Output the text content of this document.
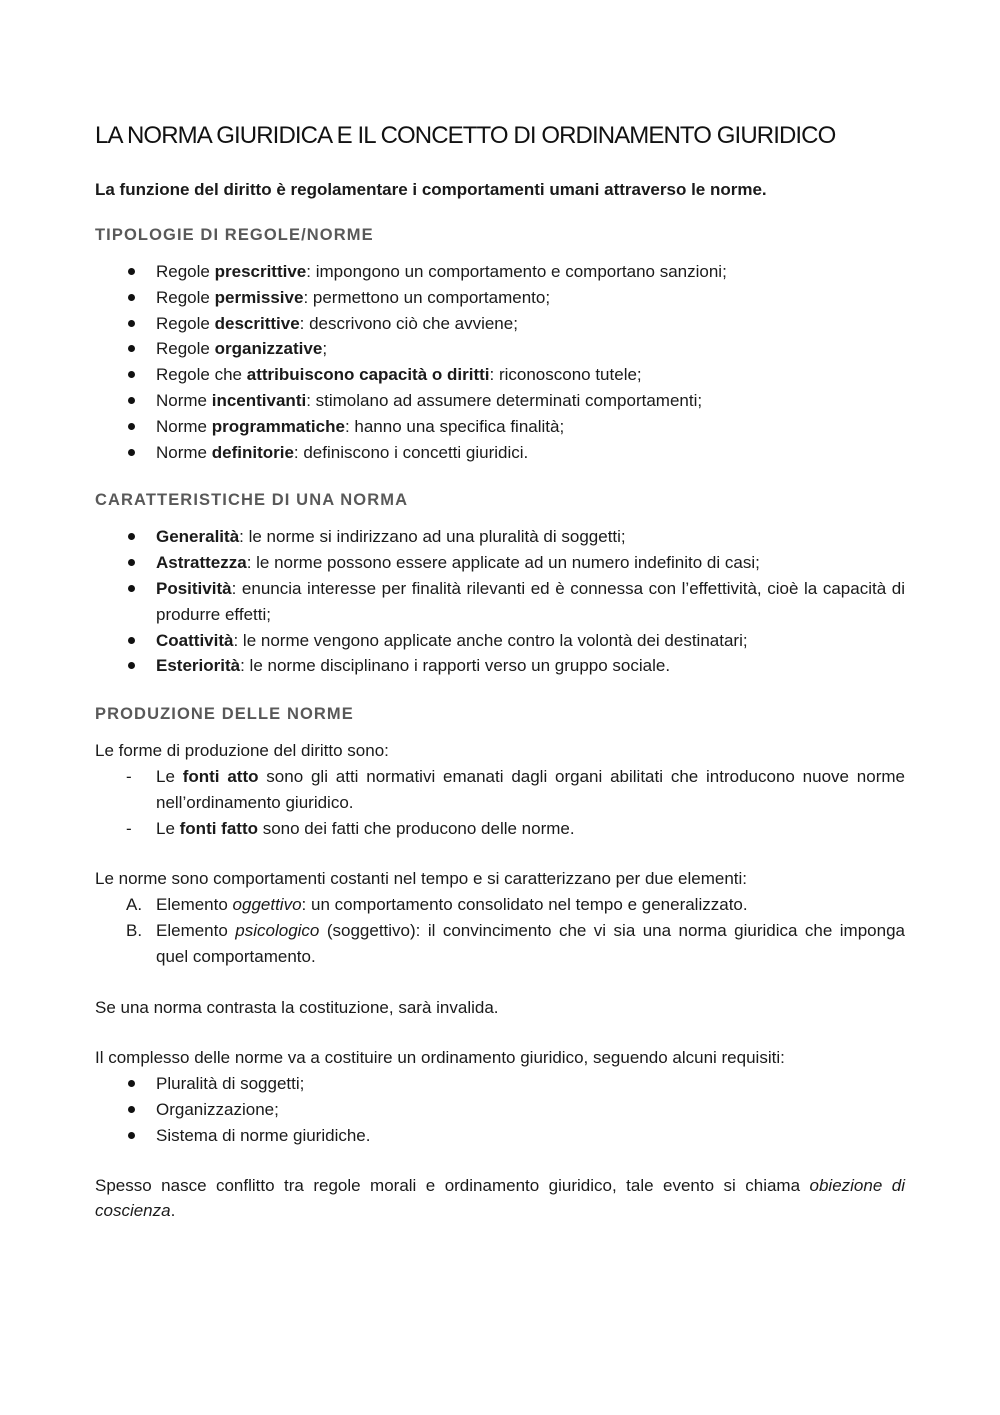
LA NORMA GIURIDICA E IL CONCETTO DI ORDINAMENTO GIURIDICO

La funzione del diritto è regolamentare i comportamenti umani attraverso le norme.

TIPOLOGIE DI REGOLE/NORME
Regole prescrittive: impongono un comportamento e comportano sanzioni;
Regole permissive: permettono un comportamento;
Regole descrittive: descrivono ciò che avviene;
Regole organizzative;
Regole che attribuiscono capacità o diritti: riconoscono tutele;
Norme incentivanti: stimolano ad assumere determinati comportamenti;
Norme programmatiche: hanno una specifica finalità;
Norme definitorie: definiscono i concetti giuridici.
CARATTERISTICHE DI UNA NORMA
Generalità: le norme si indirizzano ad una pluralità di soggetti;
Astrattezza: le norme possono essere applicate ad un numero indefinito di casi;
Positività: enuncia interesse per finalità rilevanti ed è connessa con l’effettività, cioè la capacità di produrre effetti;
Coattività: le norme vengono applicate anche contro la volontà dei destinatari;
Esteriorità: le norme disciplinano i rapporti verso un gruppo sociale.
PRODUZIONE DELLE NORME

Le forme di produzione del diritto sono:

- Le fonti atto sono gli atti normativi emanati dagli organi abilitati che introducono nuove norme nell’ordinamento giuridico.
- Le fonti fatto sono dei fatti che producono delle norme.

Le norme sono comportamenti costanti nel tempo e si caratterizzano per due elementi:

A. Elemento oggettivo: un comportamento consolidato nel tempo e generalizzato.
B. Elemento psicologico (soggettivo): il convincimento che vi sia una norma giuridica che imponga quel comportamento.

Se una norma contrasta la costituzione, sarà invalida.

Il complesso delle norme va a costituire un ordinamento giuridico, seguendo alcuni requisiti:

Pluralità di soggetti;
Organizzazione;
Sistema di norme giuridiche.

Spesso nasce conflitto tra regole morali e ordinamento giuridico, tale evento si chiama obiezione di coscienza.
